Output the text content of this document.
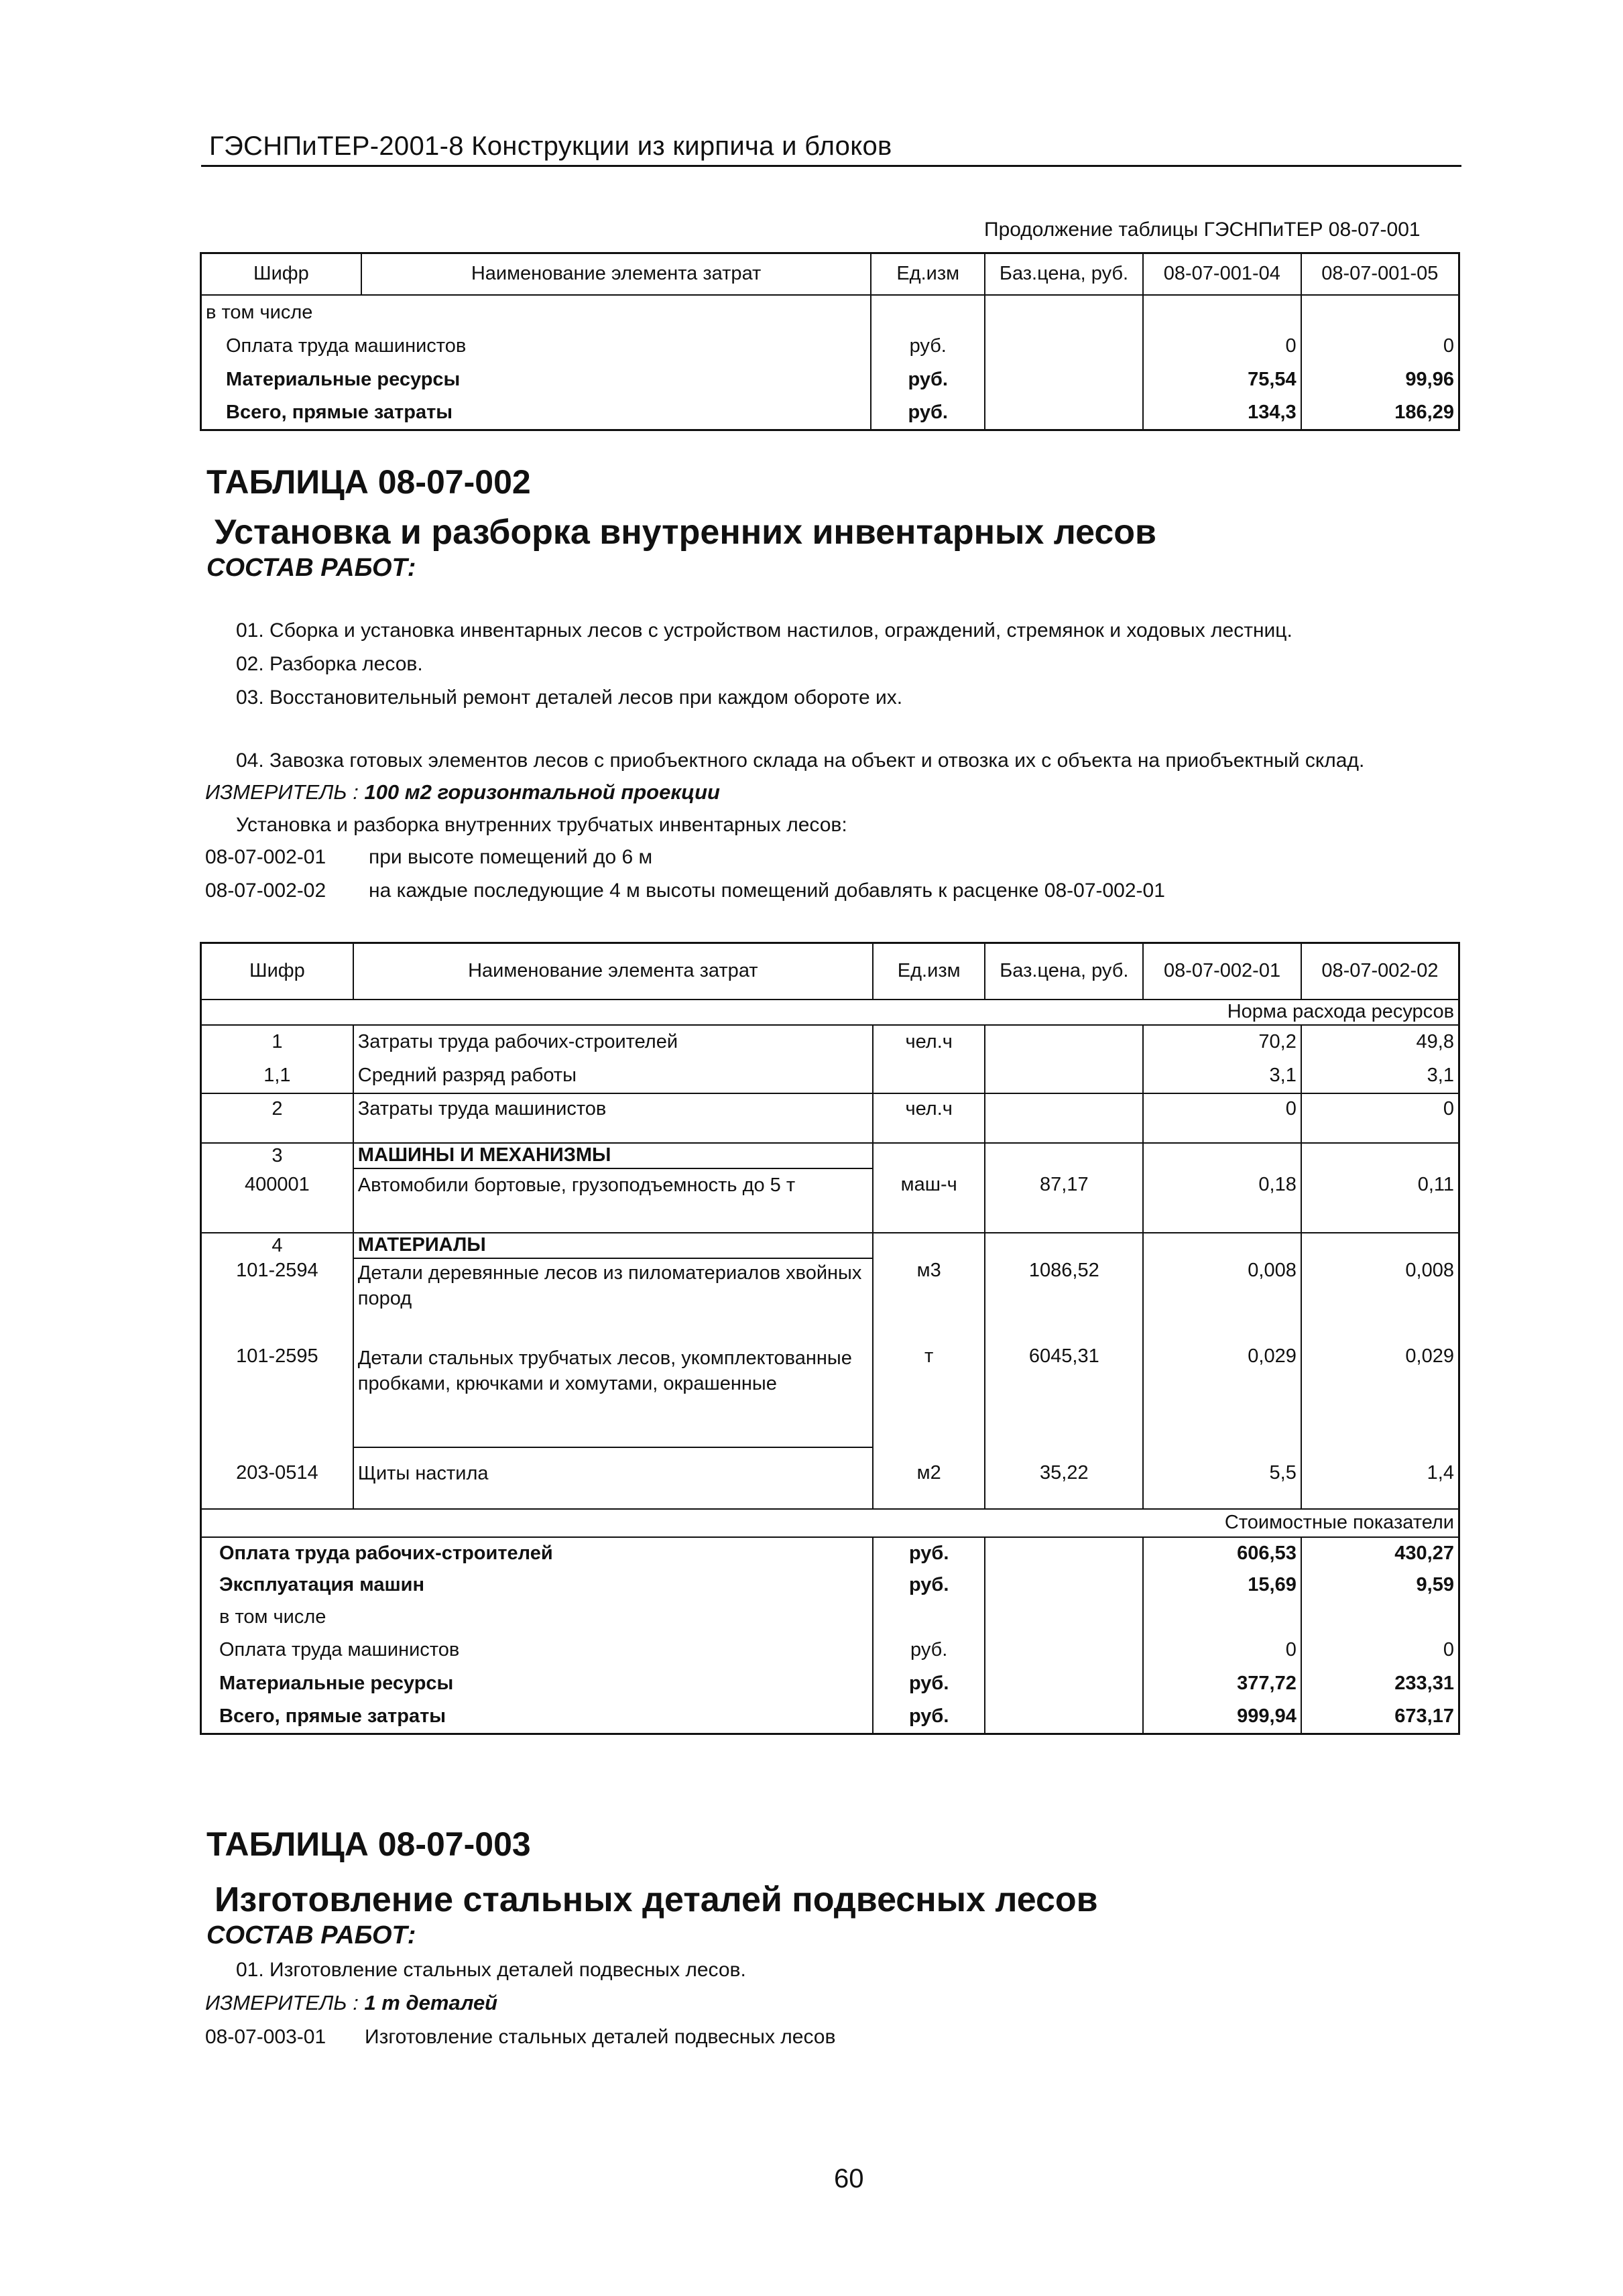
ГЭСНПиТЕР-2001-8 Конструкции из кирпича и блоков
Продолжение таблицы ГЭСНПиТЕР 08-07-001
Шифр	Наименование элемента затрат	Ед.изм	Баз.цена, руб.	08-07-001-04	08-07-001-05
в том числе					
Оплата труда машинистов		руб.		0	0
Материальные ресурсы		руб.		75,54	99,96
Всего, прямые затраты		руб.		134,3	186,29
ТАБЛИЦА 08-07-002
Установка и разборка внутренних инвентарных лесов
СОСТАВ РАБОТ:
01. Сборка и установка инвентарных лесов с устройством настилов, ограждений, стремянок и ходовых лестниц.
02. Разборка лесов.
03. Восстановительный ремонт деталей лесов при каждом обороте их.
04. Завозка готовых элементов лесов с приобъектного склада на объект и отвозка их с объекта на приобъектный склад.
ИЗМЕРИТЕЛЬ : 100 м2 горизонтальной проекции
Установка и разборка внутренних трубчатых инвентарных лесов:
08-07-002-01 при высоте помещений до 6 м
08-07-002-02 на каждые последующие 4 м высоты помещений добавлять к расценке 08-07-002-01
Шифр	Наименование элемента затрат	Ед.изм	Баз.цена, руб.	08-07-002-01	08-07-002-02
Норма расхода ресурсов					
1	Затраты труда рабочих-строителей	чел.ч		70,2	49,8
1,1	Средний разряд работы			3,1	3,1
2	Затраты труда машинистов	чел.ч		0	0
3	МАШИНЫ И МЕХАНИЗМЫ				
400001	Автомобили бортовые, грузоподъемность до 5 т	маш-ч	87,17	0,18	0,11
4	МАТЕРИАЛЫ				
101-2594	Детали деревянные лесов из пиломатериалов хвойных пород	м3	1086,52	0,008	0,008
101-2595	Детали стальных трубчатых лесов, укомплектованные пробками, крючками и хомутами, окрашенные	т	6045,31	0,029	0,029
203-0514	Щиты настила	м2	35,22	5,5	1,4
Стоимостные показатели					
Оплата труда рабочих-строителей		руб.		606,53	430,27
Эксплуатация машин		руб.		15,69	9,59
в том числе					
Оплата труда машинистов		руб.		0	0
Материальные ресурсы		руб.		377,72	233,31
Всего, прямые затраты		руб.		999,94	673,17
ТАБЛИЦА 08-07-003
Изготовление стальных деталей подвесных лесов
СОСТАВ РАБОТ:
01. Изготовление стальных деталей подвесных лесов.
ИЗМЕРИТЕЛЬ : 1 т деталей
08-07-003-01 Изготовление стальных деталей подвесных лесов
60
